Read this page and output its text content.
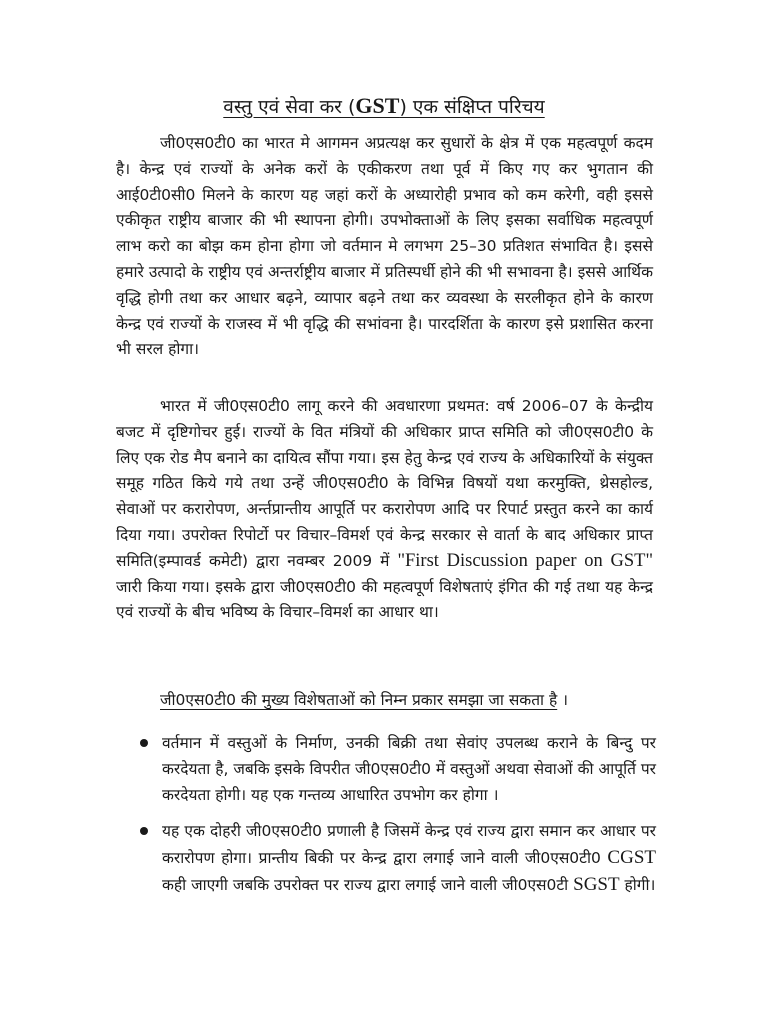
वस्तु एवं सेवा कर (GST) एक संक्षिप्त परिचय

जी0एस0टी0 का भारत मे आगमन अप्रत्यक्ष कर सुधारों के क्षेत्र में एक महत्वपूर्ण कदम है। केन्द्र एवं राज्यों के अनेक करों के एकीकरण तथा पूर्व में किए गए कर भुगतान की आई0टी0सी0 मिलने के कारण यह जहां करों के अध्यारोही प्रभाव को कम करेगी, वही इससे एकीकृत राष्ट्रीय बाजार की भी स्थापना होगी। उपभोक्ताओं के लिए इसका सर्वाधिक महत्वपूर्ण लाभ करो का बोझ कम होना होगा जो वर्तमान मे लगभग 25–30 प्रतिशत संभावित है। इससे हमारे उत्पादो के राष्ट्रीय एवं अन्तर्राष्ट्रीय बाजार में प्रतिस्पर्धी होने की भी सभावना है। इससे आर्थिक वृद्धि होगी तथा कर आधार बढ़ने, व्यापार बढ़ने तथा कर व्यवस्था के सरलीकृत होने के कारण केन्द्र एवं राज्यों के राजस्व में भी वृद्धि की सभांवना है। पारदर्शिता के कारण इसे प्रशासित करना भी सरल होगा।

भारत में जी0एस0टी0 लागू करने की अवधारणा प्रथमत: वर्ष 2006–07 के केन्द्रीय बजट में दृष्टिगोचर हुई। राज्यों के वित मंत्रियों की अधिकार प्राप्त समिति को जी0एस0टी0 के लिए एक रोड मैप बनाने का दायित्व सौंपा गया। इस हेतु केन्द्र एवं राज्य के अधिकारियों के संयुक्त समूह गठित किये गये तथा उन्हें जी0एस0टी0 के विभिन्न विषयों यथा करमुक्ति, थ्रेसहोल्ड, सेवाओं पर करारोपण, अर्न्तप्रान्तीय आपूर्ति पर करारोपण आदि पर रिपार्ट प्रस्तुत करने का कार्य दिया गया। उपरोक्त रिपोर्टो पर विचार–विमर्श एवं केन्द्र सरकार से वार्ता के बाद अधिकार प्राप्त समिति(इम्पावर्ड कमेटी) द्वारा नवम्बर 2009 में "First Discussion paper on GST" जारी किया गया। इसके द्वारा जी0एस0टी0 की महत्वपूर्ण विशेषताएं इंगित की गई तथा यह केन्द्र एवं राज्यों के बीच भविष्य के विचार–विमर्श का आधार था।

जी0एस0टी0 की मुख्य विशेषताओं को निम्न प्रकार समझा जा सकता है ।
वर्तमान में वस्तुओं के निर्माण, उनकी बिक्री तथा सेवांए उपलब्ध कराने के बिन्दु पर करदेयता है, जबकि इसके विपरीत जी0एस0टी0 में वस्तुओं अथवा सेवाओं की आपूर्ति पर करदेयता होगी। यह एक गन्तव्य आधारित उपभोग कर होगा ।
यह एक दोहरी जी0एस0टी0 प्रणाली है जिसमें केन्द्र एवं राज्य द्वारा समान कर आधार पर करारोपण होगा। प्रान्तीय बिकी पर केन्द्र द्वारा लगाई जाने वाली जी0एस0टी0 CGST कही जाएगी जबकि उपरोक्त पर राज्य द्वारा लगाई जाने वाली जी0एस0टी SGST होगी।
